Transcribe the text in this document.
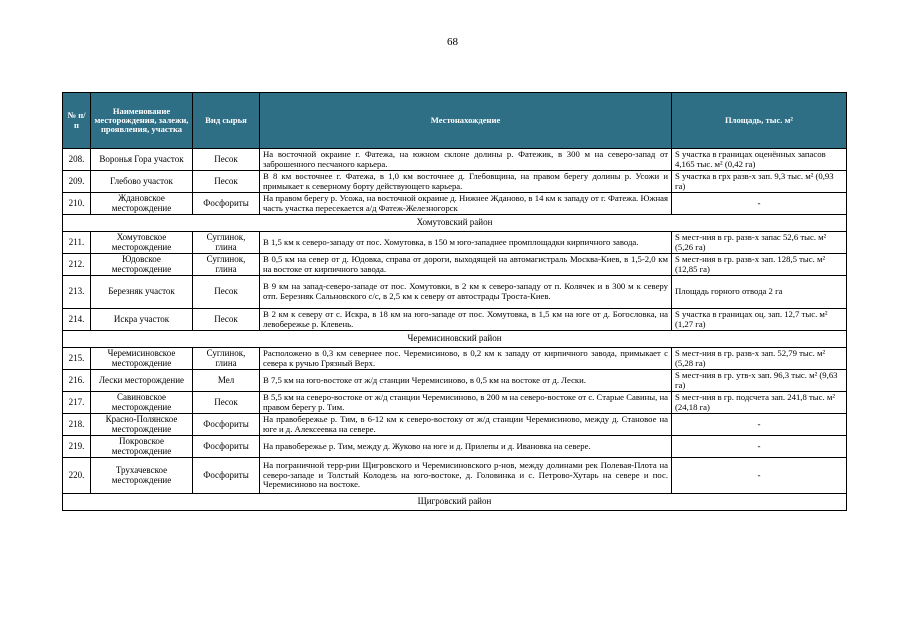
68
№ п/п	Наименование месторождения, залежи, проявления, участка	Вид сырья	Местонахождение	Площадь, тыс. м²
208.	Воронья Гора участок	Песок	На восточной окраине г. Фатежа, на южном склоне долины р. Фатежик, в 300 м на северо-запад от заброшенного песчаного карьера.	S участка в границах оценённых запасов 4,165 тыс. м² (0,42 га)
209.	Глебово участок	Песок	В 8 км восточнее г. Фатежа, в 1,0 км восточнее д. Глебовщина, на правом берегу долины р. Усожи и примыкает к северному борту действующего карьера.	S участка в грх разв-х зап. 9,3 тыс. м² (0,93 га)
210.	Ждановское месторождение	Фосфориты	На правом берегу р. Усожа, на восточной окраине д. Нижнее Жданово, в 14 км к западу от г. Фатежа. Южная часть участка пересекается а/д Фатеж-Железногорск	-
Хомутовский район				
211.	Хомутовское месторождение	Суглинок, глина	В 1,5 км к северо-западу от пос. Хомутовка, в 150 м юго-западнее промплощадки кирпичного завода.	S мест-ния в гр. разв-х запас 52,6 тыс. м² (5,26 га)
212.	Юдовское месторождение	Суглинок, глина	В 0,5 км на север от д. Юдовка, справа от дороги, выходящей на автомагистраль Москва-Киев, в 1,5-2,0 км на востоке от кирпичного завода.	S мест-ния в гр. разв-х зап. 128,5 тыс. м² (12,85 га)
213.	Березняк участок	Песок	В 9 км на запад-северо-западе от пос. Хомутовки, в 2 км к северо-западу от п. Колячек и в 300 м к северу отп. Березняк Сальновского с/с, в 2,5 км к северу от автострады Троста-Киев.	Площадь горного отвода 2 га
214.	Искра участок	Песок	В 2 км к северу от с. Искра, в 18 км на юго-западе от пос. Хомутовка, в 1,5 км на юге от д. Богословка, на левобережье р. Клевень.	S участка в границах оц. зап. 12,7 тыс. м² (1,27 га)
Черемисиновский район				
215.	Черемисиновское месторождение	Суглинок, глина	Расположено в 0,3 км севернее пос. Черемисиново, в 0,2 км к западу от кирпичного завода, примыкает с севера к ручью Грязный Верх.	S мест-ния в гр. разв-х зап. 52,79 тыс. м² (5,28 га)
216.	Лески месторождение	Мел	В 7,5 км на юго-востоке от ж/д станции Черемисиново, в 0,5 км на востоке от д. Лески.	S мест-ния в гр. утв-х зап. 96,3 тыс. м² (9,63 га)
217.	Савиновское месторождение	Песок	В 5,5 км на северо-востоке от ж/д станции Черемисиново, в 200 м на северо-востоке от с. Старые Савины, на правом берегу р. Тим.	S мест-ния в гр. подсчета зап. 241,8 тыс. м² (24,18 га)
218.	Красно-Полянское месторождение	Фосфориты	На правобережье р. Тим, в 6-12 км к северо-востоку от ж/д станции Черемисиново, между д. Становое на юге и д. Алексеевка на севере.	-
219.	Покровское месторождение	Фосфориты	На правобережье р. Тим, между д. Жуково на юге и д. Прилепы и д. Ивановка на севере.	-
220.	Трухачевское месторождение	Фосфориты	На пограничной терр-рии Щигровского и Черемисиновского р-нов, между долинами рек Полевая-Плота на северо-западе и Толстый Колодезь на юго-востоке, д. Головинка и с. Петрово-Хутарь на севере и пос. Черемисиново на востоке.	-
Щигровский район				
